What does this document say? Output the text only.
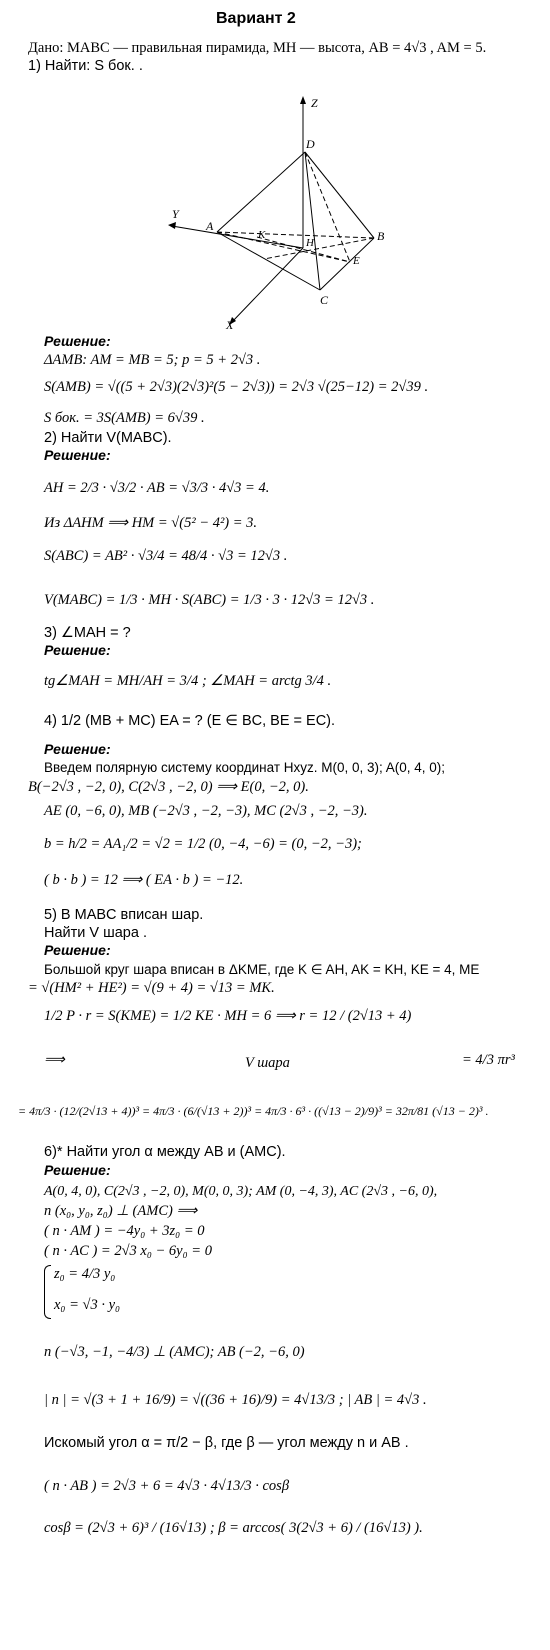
Вариант 2
Дано: MABC — правильная пирамида, MH — высота, AB = 4√3 , AM = 5.
1) Найти: S бок. .
Z
Y
X
D
A
B
C
K
H
E
Решение:
ΔAMB: AM = MB = 5; p = 5 + 2√3 .
S(AMB) = √((5 + 2√3)(2√3)²(5 − 2√3)) = 2√3 √(25−12) = 2√39 .
S бок. = 3S(AMB) = 6√39 .
2) Найти V(MABC).
Решение:
AH = 2/3 · √3/2 · AB = √3/3 · 4√3 = 4.
Из ΔAHM ⟹ HM = √(5² − 4²) = 3.
S(ABC) = AB² · √3/4 = 48/4 · √3 = 12√3 .
V(MABC) = 1/3 · MH · S(ABC) = 1/3 · 3 · 12√3 = 12√3 .
3) ∠MAH = ?
Решение:
tg∠MAH = MH/AH = 3/4 ; ∠MAH = arctg 3/4 .
4) 1/2 (MB + MC) EA = ? (E ∈ BC, BE = EC).
Решение:
Введем полярную систему координат Hxyz. M(0, 0, 3); A(0, 4, 0);
B(−2√3 , −2, 0), C(2√3 , −2, 0) ⟹ E(0, −2, 0).
AE (0, −6, 0), MB (−2√3 , −2, −3), MC (2√3 , −2, −3).
b = h/2 = AA₁/2 = √2 = 1/2 (0, −4, −6) = (0, −2, −3);
( b · b ) = 12 ⟹ ( EA · b ) = −12.
5) В MABC вписан шар.
Найти V шара .
Решение:
Большой круг шара вписан в ΔKME, где K ∈ AH, AK = KH, KE = 4, ME
= √(HM² + HE²) = √(9 + 4) = √13 = MK.
1/2 P · r = S(KME) = 1/2 KE · MH = 6 ⟹ r = 12 / (2√13 + 4)
⟹	V шара	= 4/3 πr³
= 4π/3 · (12/(2√13 + 4))³ = 4π/3 · (6/(√13 + 2))³ = 4π/3 · 6³ · ((√13 − 2)/9)³ = 32π/81 (√13 − 2)³ .
6)* Найти угол α между AB и (AMC).
Решение:
A(0, 4, 0), C(2√3 , −2, 0), M(0, 0, 3); AM (0, −4, 3), AC (2√3 , −6, 0),
n (x₀, y₀, z₀) ⊥ (AMC) ⟹
( n · AM ) = −4y₀ + 3z₀ = 0
( n · AC ) = 2√3 x₀ − 6y₀ = 0
z₀ = 4/3 y₀
x₀ = √3 · y₀
n (−√3, −1, −4/3) ⊥ (AMC); AB (−2, −6, 0)
| n | = √(3 + 1 + 16/9) = √((36 + 16)/9) = 4√13/3 ; | AB | = 4√3 .
Искомый угол α = π/2 − β, где β — угол между n и AB .
( n · AB ) = 2√3 + 6 = 4√3 · 4√13/3 · cosβ
cosβ = (2√3 + 6)³ / (16√13) ; β = arccos( 3(2√3 + 6) / (16√13) ).
